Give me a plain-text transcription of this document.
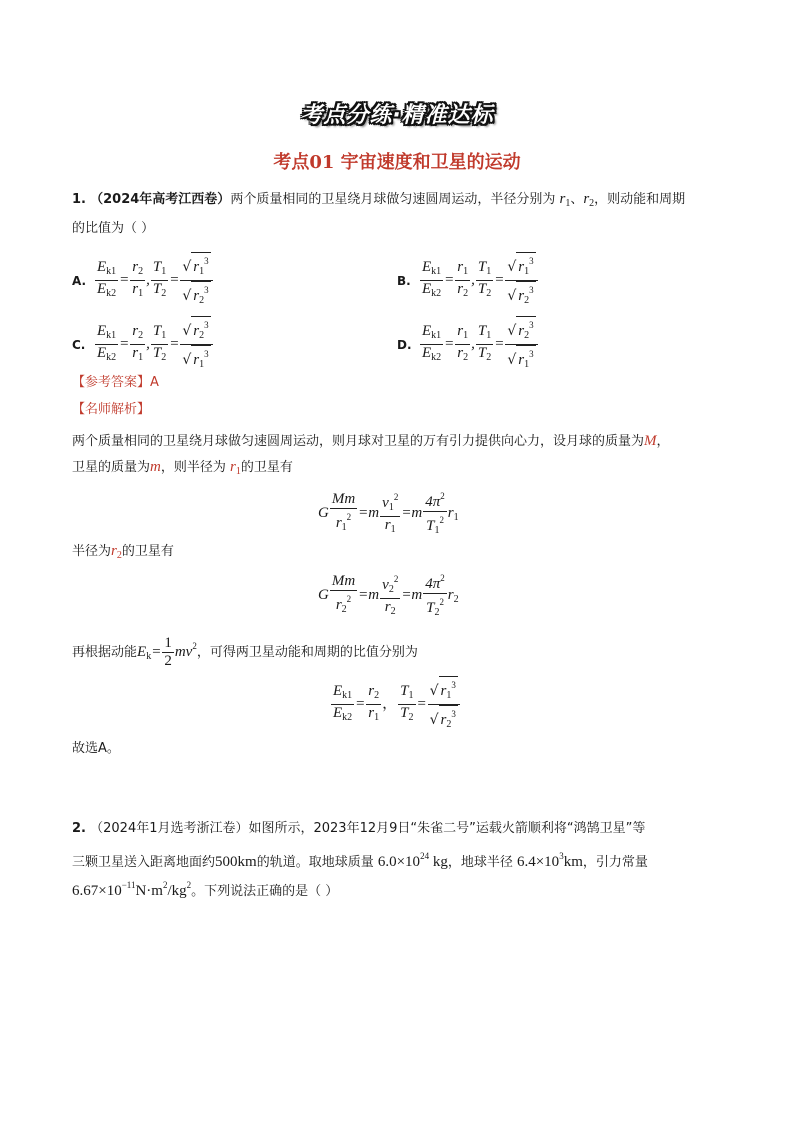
考点分练·精准达标
考点01 宇宙速度和卫星的运动
1. （2024年高考江西卷）两个质量相同的卫星绕月球做匀速圆周运动，半径分别为 $r_1$、$r_2$，则动能和周期
的比值为（ ）
A. $\frac{E_{k1}}{E_{k2}} = \frac{r_2}{r_1}$ , $\frac{T_1}{T_2} = \frac{√ r_1^3}{√ r_2^3}$	B. $\frac{E_{k1}}{E_{k2}} = \frac{r_1}{r_2}$ , $\frac{T_1}{T_2} = \frac{√ r_1^3}{√ r_2^3}$
C. $\frac{E_{k1}}{E_{k2}} = \frac{r_2}{r_1}$ , $\frac{T_1}{T_2} = \frac{√ r_2^3}{√ r_1^3}$	D. $\frac{E_{k1}}{E_{k2}} = \frac{r_1}{r_2}$ , $\frac{T_1}{T_2} = \frac{√ r_2^3}{√ r_1^3}$
【参考答案】A
【名师解析】
两个质量相同的卫星绕月球做匀速圆周运动，则月球对卫星的万有引力提供向心力，设月球的质量为M，
卫星的质量为m，则半径为 $r_1$的卫星有
G $\frac{Mm}{r_1^2} =m \frac{v_1^2}{r_1} =m \frac{4\pi^2}{T_1^2} r_1$
半径为$r_2$的卫星有
G $\frac{Mm}{r_2^2} =m \frac{v_2^2}{r_2} =m \frac{4\pi^2}{T_2^2} r_2$
再根据动能$E_k= \frac{1}{2} mv^2$，可得两卫星动能和周期的比值分别为
$\frac{E_{k1}}{E_{k2}} = \frac{r_2}{r_1}$ ， $\frac{T_1}{T_2} = \frac{√ r_1^3}{√ r_2^3}$
故选A。
2. （2024年1月选考浙江卷）如图所示，2023年12月9日“朱雀二号”运载火箭顺利将“鸿鹄卫星”等
三颗卫星送入距离地面约500km的轨道。取地球质量 $6.0\times 10^{24}$ kg，地球半径 $6.4\times 10^3km$，引力常量
$6.67\times 10^{-11}N\cdot m^2/kg^2$。下列说法正确的是（ ）
